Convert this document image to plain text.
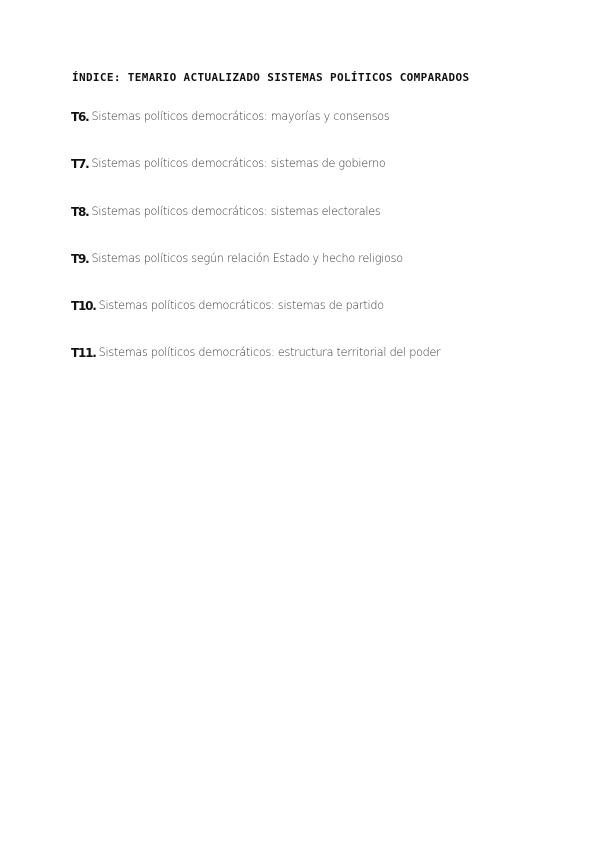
ÍNDICE: TEMARIO ACTUALIZADO SISTEMAS POLÍTICOS COMPARADOS
T6. Sistemas políticos democráticos: mayorías y consensos
T7. Sistemas políticos democráticos: sistemas de gobierno
T8. Sistemas políticos democráticos: sistemas electorales
T9. Sistemas políticos según relación Estado y hecho religioso
T10. Sistemas políticos democráticos: sistemas de partido
T11. Sistemas políticos democráticos: estructura territorial del poder
